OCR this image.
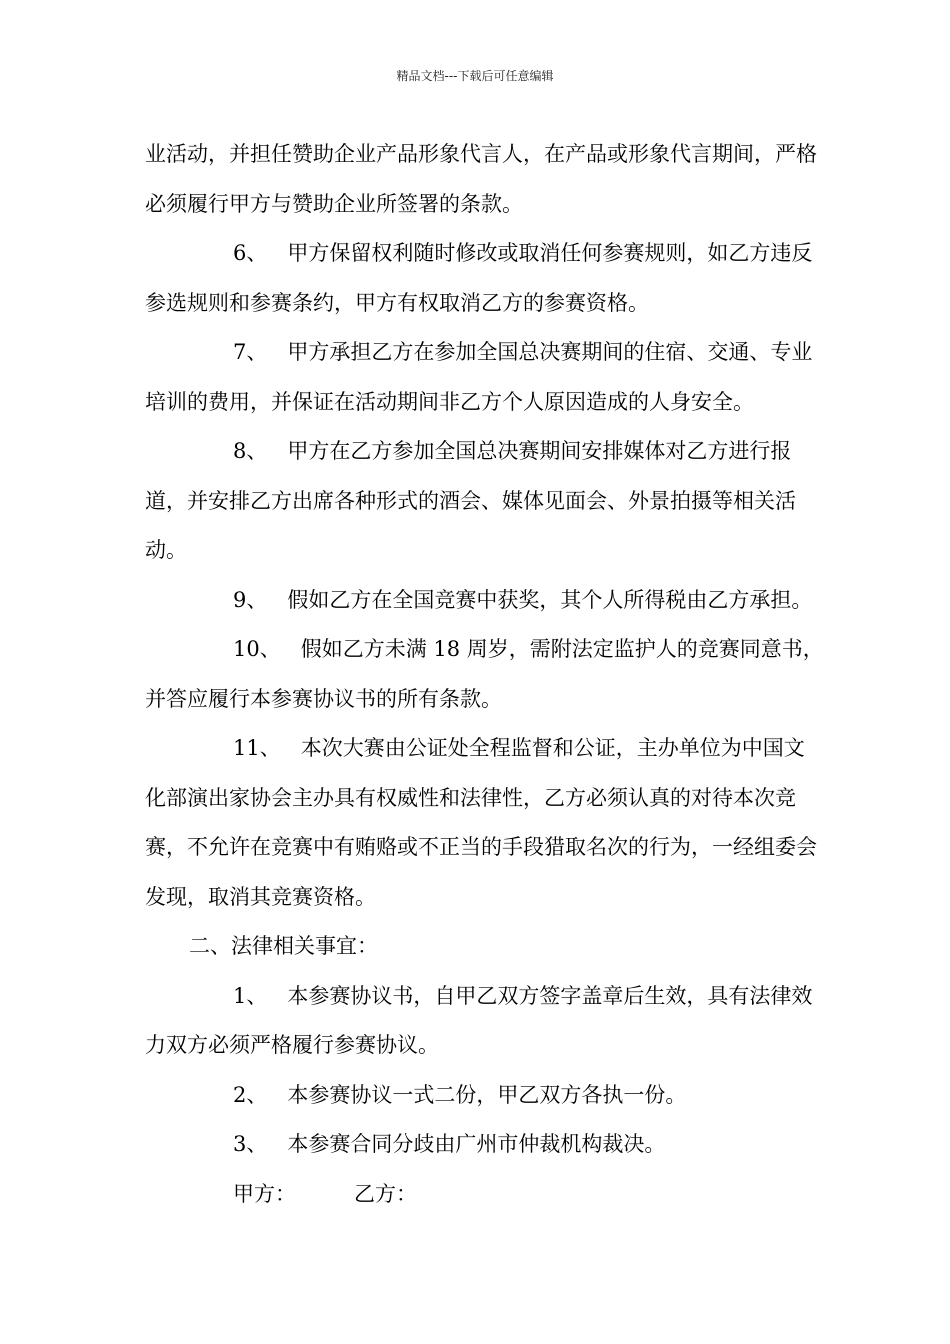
精品文档---下载后可任意编辑

业活动，并担任赞助企业产品形象代言人，在产品或形象代言期间，严格必须履行甲方与赞助企业所签署的条款。

6、 甲方保留权利随时修改或取消任何参赛规则，如乙方违反参选规则和参赛条约，甲方有权取消乙方的参赛资格。

7、 甲方承担乙方在参加全国总决赛期间的住宿、交通、专业培训的费用，并保证在活动期间非乙方个人原因造成的人身安全。

8、 甲方在乙方参加全国总决赛期间安排媒体对乙方进行报道，并安排乙方出席各种形式的酒会、媒体见面会、外景拍摄等相关活动。

9、 假如乙方在全国竞赛中获奖，其个人所得税由乙方承担。

10、 假如乙方未满 18 周岁，需附法定监护人的竞赛同意书，并答应履行本参赛协议书的所有条款。

11、 本次大赛由公证处全程监督和公证，主办单位为中国文化部演出家协会主办具有权威性和法律性，乙方必须认真的对待本次竞赛，不允许在竞赛中有贿赂或不正当的手段猎取名次的行为，一经组委会发现，取消其竞赛资格。

二、法律相关事宜：

1、 本参赛协议书，自甲乙双方签字盖章后生效，具有法律效力双方必须严格履行参赛协议。

2、 本参赛协议一式二份，甲乙双方各执一份。

3、 本参赛合同分歧由广州市仲裁机构裁决。

甲方：	乙方：
